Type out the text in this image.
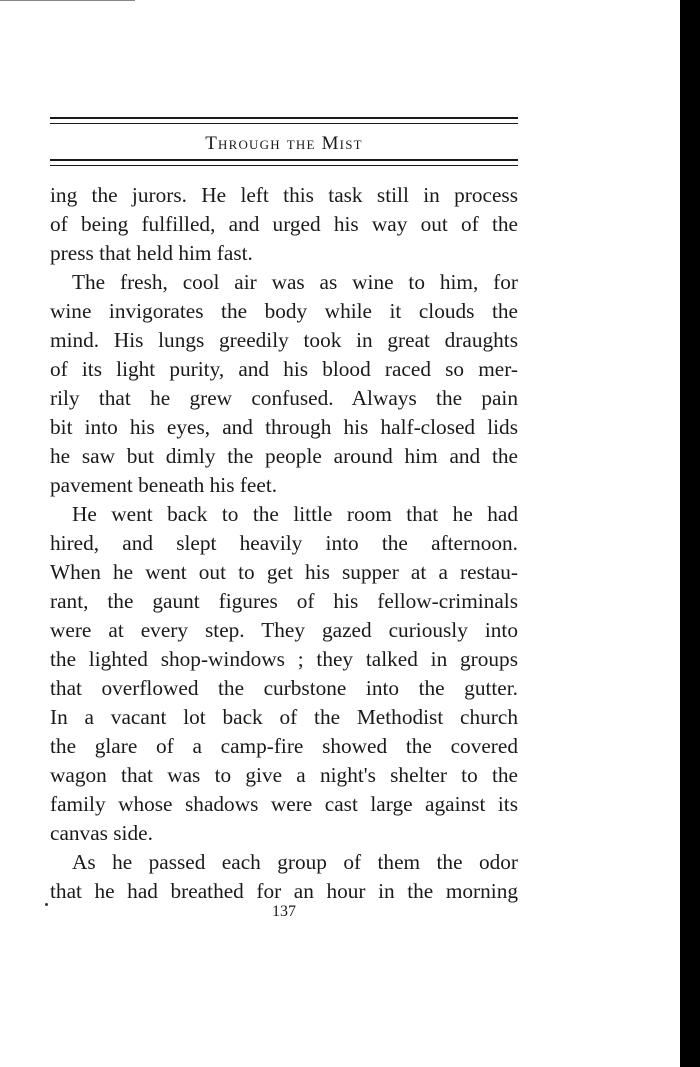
Through the Mist
ing the jurors. He left this task still in process
of being fulfilled, and urged his way out of the
press that held him fast.
The fresh, cool air was as wine to him, for
wine invigorates the body while it clouds the
mind. His lungs greedily took in great draughts
of its light purity, and his blood raced so mer-
rily that he grew confused. Always the pain
bit into his eyes, and through his half-closed lids
he saw but dimly the people around him and the
pavement beneath his feet.
He went back to the little room that he had
hired, and slept heavily into the afternoon.
When he went out to get his supper at a restau-
rant, the gaunt figures of his fellow-criminals
were at every step. They gazed curiously into
the lighted shop-windows ; they talked in groups
that overflowed the curbstone into the gutter.
In a vacant lot back of the Methodist church
the glare of a camp-fire showed the covered
wagon that was to give a night's shelter to the
family whose shadows were cast large against its
canvas side.
As he passed each group of them the odor
that he had breathed for an hour in the morning
137
